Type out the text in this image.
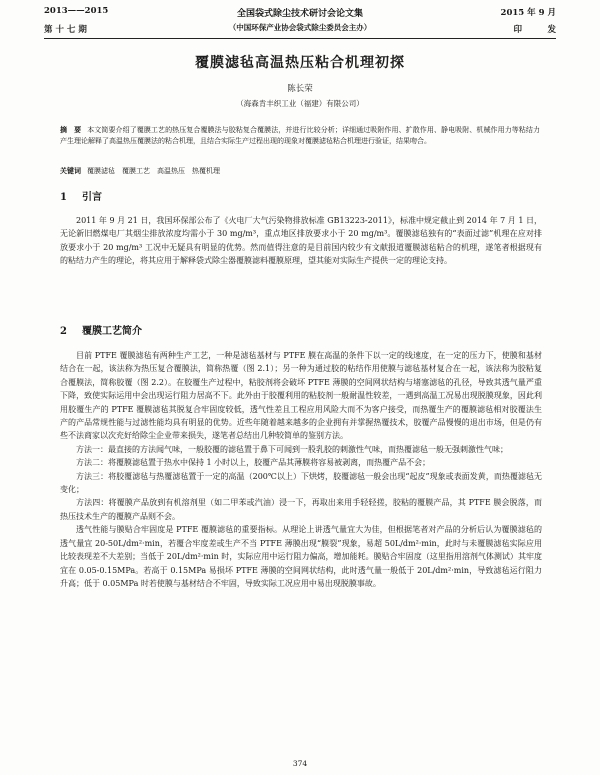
2013——2015
第 十 七 期
全国袋式除尘技术研讨会论文集
（中国环保产业协会袋式除尘委员会主办）
2015 年 9 月
印　　　发
覆膜滤毡高温热压粘合机理初探
陈长荣
（海森肯丰织工业（福建）有限公司）
摘　要 本文简要介绍了覆膜工艺的热压复合覆膜法与胶粘复合覆膜法，并进行比较分析；详细通过吸附作用、扩散作用、静电吸附、机械作用力等粘结力产生理论解释了高温热压覆膜法的粘合机理，且结合实际生产过程出现的现象对覆膜滤毡粘合机理进行验证，结果吻合。
关键词 覆膜滤毡　覆膜工艺　高温热压　热覆机理
1 引言

2011 年 9 月 21 日，我国环保部公布了《火电厂大气污染物排放标准 GB13223-2011》，标准中规定截止到 2014 年 7 月 1 日，无论新旧燃煤电厂其烟尘排放浓度均需小于 30 mg/m³，重点地区排放要求小于 20 mg/m³。覆膜滤毡独有的“表面过滤”机理在应对排放要求小于 20 mg/m³ 工况中无疑具有明显的优势。然而值得注意的是目前国内较少有文献报道覆膜滤毡粘合的机理，遂笔者根据现有的粘结力产生的理论，将其应用于解释袋式除尘器覆膜滤料覆膜原理，望其能对实际生产提供一定的理论支持。

2 覆膜工艺简介

目前 PTFE 覆膜滤毡有两种生产工艺，一种是滤毡基材与 PTFE 膜在高温的条件下以一定的线速度，在一定的压力下，使膜和基材结合在一起，该法称为热压复合覆膜法，简称热覆（图 2.1）；另一种为通过胶的粘结作用使膜与滤毡基材复合在一起，该法称为胶粘复合覆膜法，简称胶覆（图 2.2）。在胶覆生产过程中，粘胶剂将会破坏 PTFE 薄膜的空间网状结构与堵塞滤毡的孔径，导致其透气量严重下降，致使实际运用中会出现运行阻力居高不下。此外由于胶覆利用的粘胶剂一般耐温性较差，一遇到高温工况易出现脱膜现象，因此利用胶覆生产的 PTFE 覆膜滤毡其脱复合牢固度较低，透气性差且工程应用风险大而不为客户接受，而热覆生产的覆膜滤毡相对胶覆法生产的产品常规性能与过滤性能均具有明显的优势。近些年随着越来越多的企业拥有并掌握热覆技术，胶覆产品慢慢的退出市场，但是仍有些不法商家以次充好给除尘企业带来损失，遂笔者总结出几种较简单的鉴别方法。

方法一：最直接的方法闻气味，一般胶覆的滤毡置于鼻下可闻到一股乳胶的刺激性气味，而热覆滤毡一般无强刺激性气味；

方法二：将覆膜滤毡置于热水中保持 1 小时以上，胶覆产品其薄膜将容易被剥离，而热覆产品不会；

方法三：将胶覆滤毡与热覆滤毡置于一定的高温（200℃以上）下烘烤，胶覆滤毡一般会出现“起皮”现象或表面发黄，而热覆滤毡无变化；

方法四：将覆膜产品放到有机溶剂里（如二甲苯或汽油）浸一下，再取出来用手轻轻搓，胶粘的覆膜产品，其 PTFE 膜会脱落，而热压技术生产的覆膜产品则不会。

透气性能与膜贴合牢固度是 PTFE 覆膜滤毡的重要指标。从理论上讲透气量宜大为佳，但根据笔者对产品的分析后认为覆膜滤毡的透气量宜 20-50L/dm²·min，若覆合牢度差或生产不当 PTFE 薄膜出现“膜裂”现象，易超 50L/dm²·min，此时与未覆膜滤毡实际应用比较表现差不大差别；当低于 20L/dm²·min 时，实际应用中运行阻力偏高，增加能耗。膜贴合牢固度（这里指用溶剂气体测试）其牢度宜在 0.05-0.15MPa。若高于 0.15MPa 易损坏 PTFE 薄膜的空间网状结构，此时透气量一般低于 20L/dm²·min，导致滤毡运行阻力升高；低于 0.05MPa 时若使膜与基材结合不牢固，导致实际工况应用中易出现脱膜事故。

374
